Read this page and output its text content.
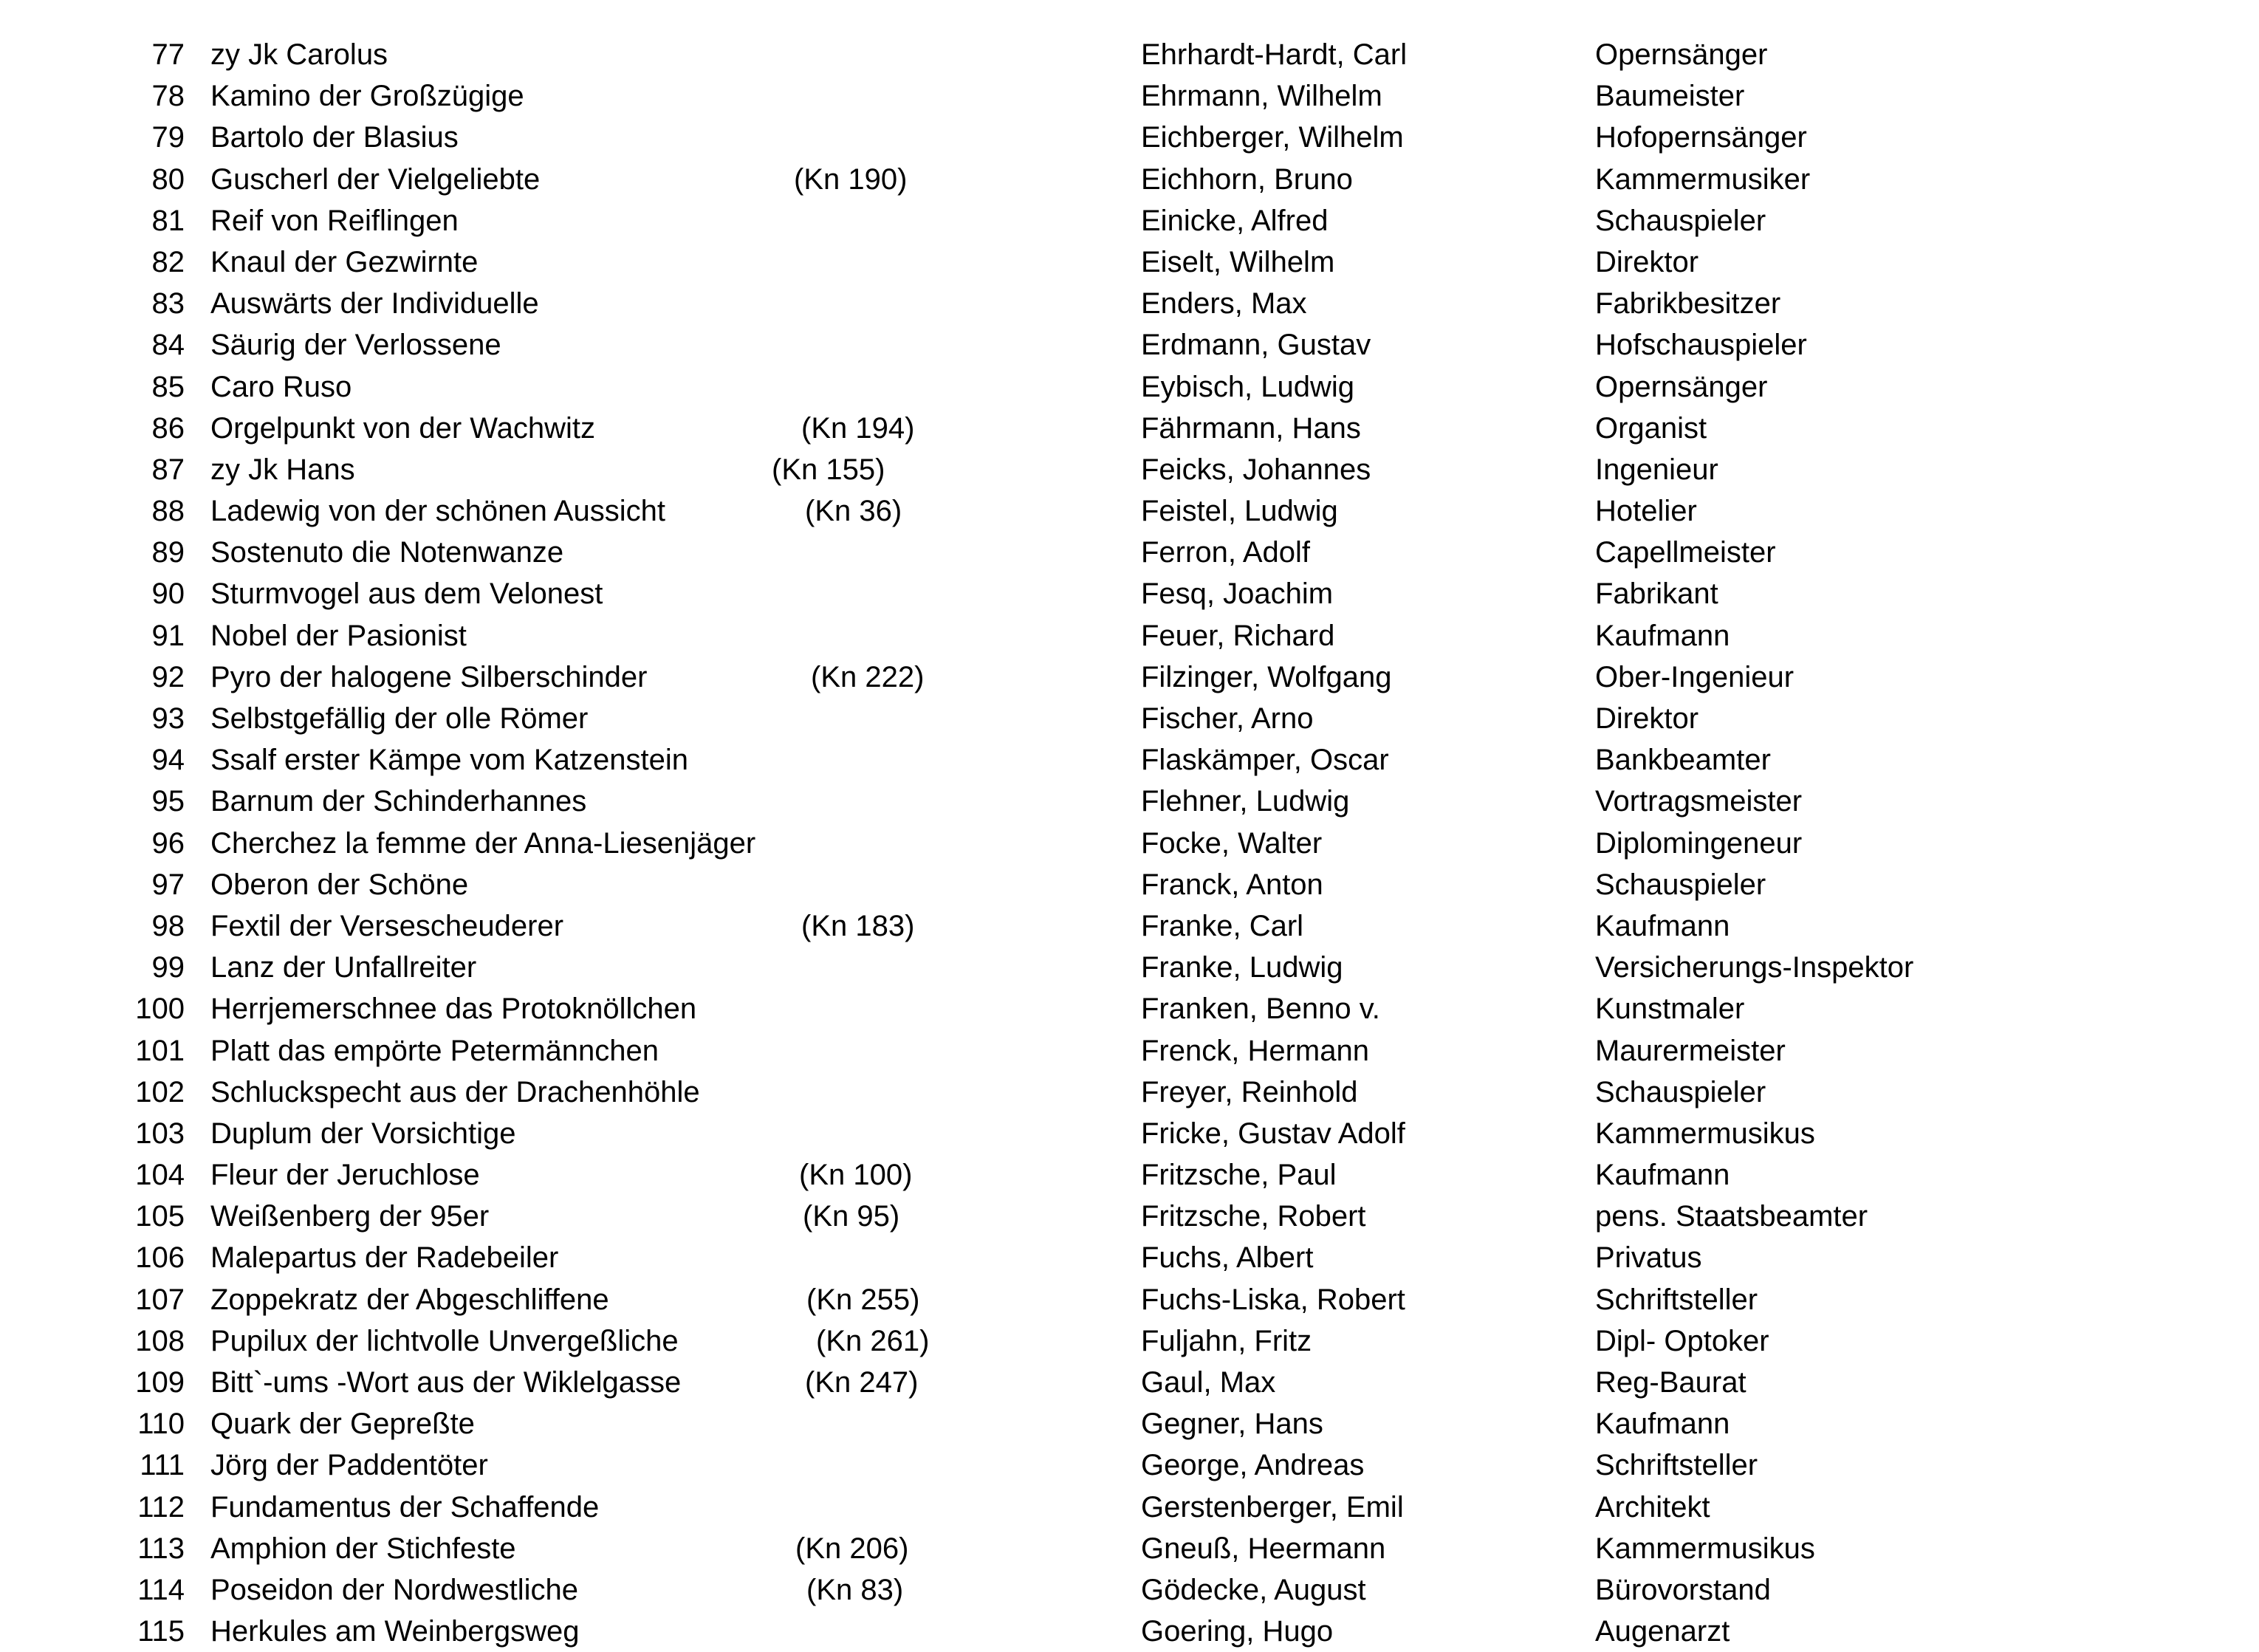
77 zy Jk Carolus	Ehrhardt-Hardt, Carl	Opernsänger
78 Kamino der Großzügige	Ehrmann, Wilhelm	Baumeister
79 Bartolo der Blasius	Eichberger, Wilhelm	Hofopernsänger
80 Guscherl der Vielgeliebte	(Kn 190)	Eichhorn, Bruno	Kammermusiker
81 Reif von Reiflingen	Einicke, Alfred	Schauspieler
82 Knaul der Gezwirnte	Eiselt, Wilhelm	Direktor
83 Auswärts der Individuelle	Enders, Max	Fabrikbesitzer
84 Säurig der Verlossene	Erdmann, Gustav	Hofschauspieler
85 Caro Ruso	Eybisch, Ludwig	Opernsänger
86 Orgelpunkt von der Wachwitz	(Kn 194)	Fährmann, Hans	Organist
87 zy Jk Hans	(Kn 155)	Feicks, Johannes	Ingenieur
88 Ladewig von der schönen Aussicht	(Kn 36)	Feistel, Ludwig	Hotelier
89 Sostenuto die Notenwanze	Ferron, Adolf	Capellmeister
90 Sturmvogel aus dem Velonest	Fesq, Joachim	Fabrikant
91 Nobel der Pasionist	Feuer, Richard	Kaufmann
92 Pyro der halogene Silberschinder	(Kn 222)	Filzinger, Wolfgang	Ober-Ingenieur
93 Selbstgefällig der olle Römer	Fischer, Arno	Direktor
94 Ssalf erster Kämpe vom Katzenstein	Flaskämper, Oscar	Bankbeamter
95 Barnum der Schinderhannes	Flehner, Ludwig	Vortragsmeister
96 Cherchez la femme der Anna-Liesenjäger	Focke, Walter	Diplomingeneur
97 Oberon der Schöne	Franck, Anton	Schauspieler
98 Fextil der Versescheuderer	(Kn 183)	Franke, Carl	Kaufmann
99 Lanz der Unfallreiter	Franke, Ludwig	Versicherungs-Inspektor
100 Herrjemerschnee das Protoknöllchen	Franken, Benno v.	Kunstmaler
101 Platt das empörte Petermännchen	Frenck, Hermann	Maurermeister
102 Schluckspecht aus der Drachenhöhle	Freyer, Reinhold	Schauspieler
103 Duplum der Vorsichtige	Fricke, Gustav Adolf	Kammermusikus
104 Fleur der Jeruchlose	(Kn 100)	Fritzsche, Paul	Kaufmann
105 Weißenberg der 95er	(Kn 95)	Fritzsche, Robert	pens. Staatsbeamter
106 Malepartus der Radebeiler	Fuchs, Albert	Privatus
107 Zoppekratz der Abgeschliffene	(Kn 255)	Fuchs-Liska, Robert	Schriftsteller
108 Pupilux der lichtvolle Unvergeßliche	(Kn 261)	Fuljahn, Fritz	Dipl- Optoker
109 Bitt`-ums -Wort aus der Wiklelgasse	(Kn 247)	Gaul, Max	Reg-Baurat
110 Quark der Gepreßte	Gegner, Hans	Kaufmann
111 Jörg der Paddentöter	George, Andreas	Schriftsteller
112 Fundamentus der Schaffende	Gerstenberger, Emil	Architekt
113 Amphion der Stichfeste	(Kn 206)	Gneuß, Heermann	Kammermusikus
114 Poseidon der Nordwestliche	(Kn 83)	Gödecke, August	Bürovorstand
115 Herkules am Weinbergsweg	Goering, Hugo	Augenarzt
